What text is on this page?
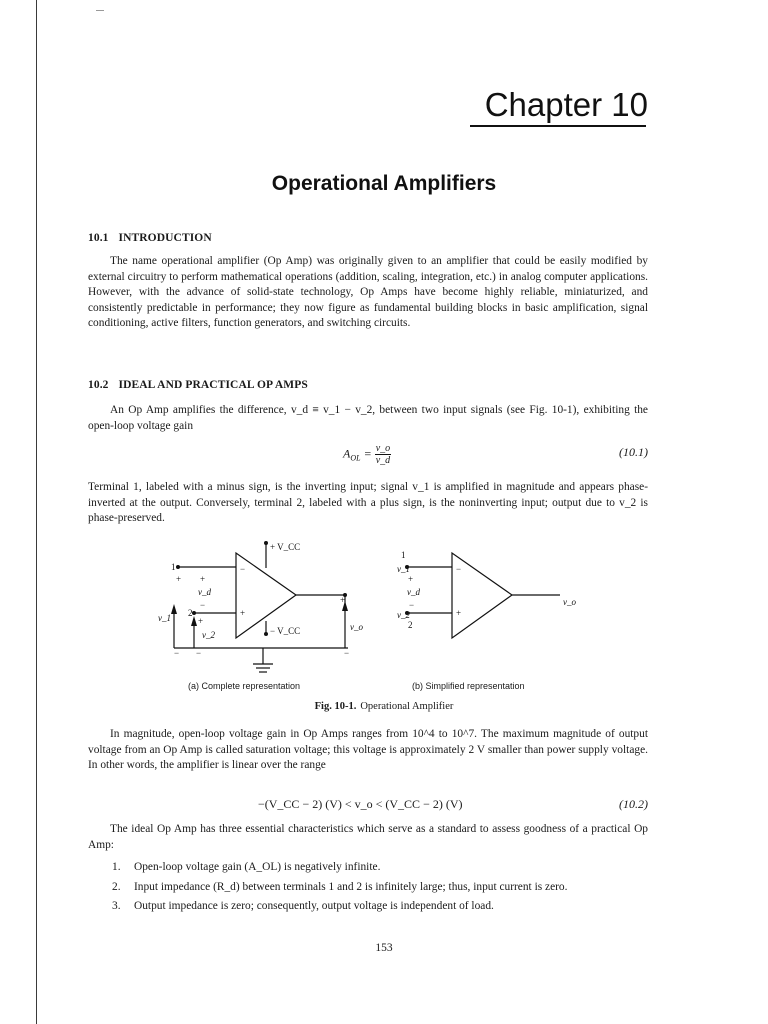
Chapter 10
Operational Amplifiers
10.1 INTRODUCTION
The name operational amplifier (Op Amp) was originally given to an amplifier that could be easily modified by external circuitry to perform mathematical operations (addition, scaling, integration, etc.) in analog computer applications. However, with the advance of solid-state technology, Op Amps have become highly reliable, miniaturized, and consistently predictable in performance; they now figure as fundamental building blocks in basic amplification, signal conditioning, active filters, function generators, and switching circuits.
10.2 IDEAL AND PRACTICAL OP AMPS
An Op Amp amplifies the difference, v_d ≡ v_1 − v_2, between two input signals (see Fig. 10-1), exhibiting the open-loop voltage gain
$A_{OL} = \frac{v\_o}{v\_d}$	(10.1)
Terminal 1, labeled with a minus sign, is the inverting input; signal v_1 is amplified in magnitude and appears phase-inverted at the output. Conversely, terminal 2, labeled with a plus sign, is the noninverting input; output due to v_2 is phase-preserved.
+ V_CC
− V_CC
1
2
+ +
v_d
−
+
v_1
v_2
−
+
+
v_o
− −	−
1
v_1
+
v_d
−
v_2
2
−
+
v_o
(a) Complete representation	(b) Simplified representation
Fig. 10-1. Operational Amplifier
In magnitude, open-loop voltage gain in Op Amps ranges from 10^4 to 10^7. The maximum magnitude of output voltage from an Op Amp is called saturation voltage; this voltage is approximately 2 V smaller than power supply voltage. In other words, the amplifier is linear over the range
−(V_CC − 2) (V) < v_o < (V_CC − 2) (V)	(10.2)
The ideal Op Amp has three essential characteristics which serve as a standard to assess goodness of a practical Op Amp:
1. Open-loop voltage gain (A_OL) is negatively infinite.
2. Input impedance (R_d) between terminals 1 and 2 is infinitely large; thus, input current is zero.
3. Output impedance is zero; consequently, output voltage is independent of load.
153
